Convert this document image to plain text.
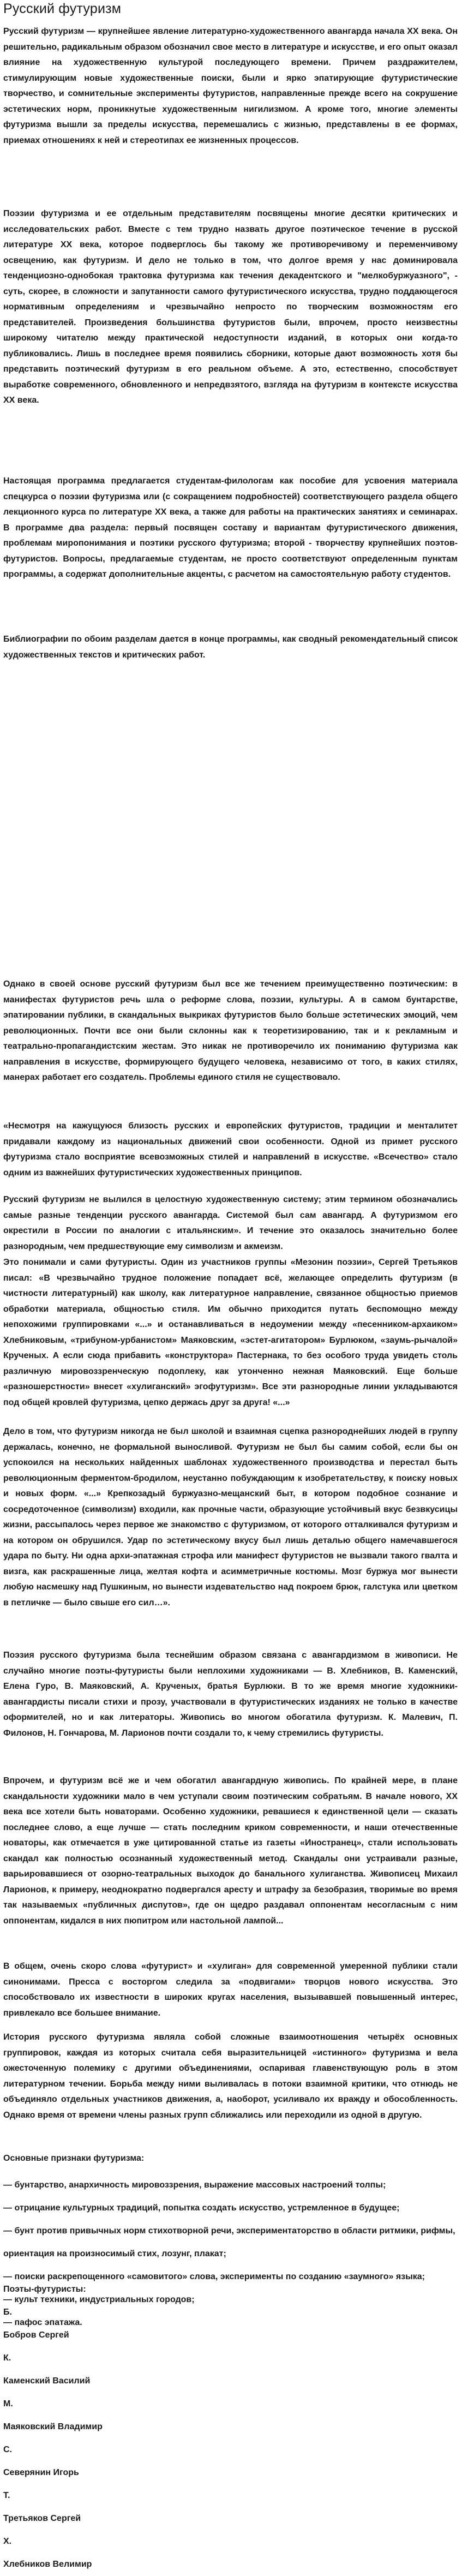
Русский футуризм

Русский футуризм — крупнейшее явление литературно-художественного авангарда начала XX века. Он решительно, радикальным образом обозначил свое место в литературе и искусстве, и его опыт оказал влияние на художественную культурой последующего времени. Причем раздражителем, стимулирующим новые художественные поиски, были и ярко эпатирующие футуристические творчество, и сомнительные эксперименты футуристов, направленные прежде всего на сокрушение эстетических норм, проникнутые художественным нигилизмом. А кроме того, многие элементы футуризма вышли за пределы искусства, перемешались с жизнью, представлены в ее формах, приемах отношениях к ней и стереотипах ее жизненных процессов.

Поэзии футуризма и ее отдельным представителям посвящены многие десятки критических и исследовательских работ. Вместе с тем трудно назвать другое поэтическое течение в русской литературе XX века, которое подверглось бы такому же противоречивому и переменчивому освещению, как футуризм. И дело не только в том, что долгое время у нас доминировала тенденциозно-однобокая трактовка футуризма как течения декадентского и "мелкобуржуазного", - суть, скорее, в сложности и запутанности самого футуристического искусства, трудно поддающегося нормативным определениям и чрезвычайно непросто по творческим возможностям его представителей. Произведения большинства футуристов были, впрочем, просто неизвестны широкому читателю между практической недоступности изданий, в которых они когда-то публиковались. Лишь в последнее время появились сборники, которые дают возможность хотя бы представить поэтический футуризм в его реальном объеме. А это, естественно, способствует выработке современного, обновленного и непредвзятого, взгляда на футуризм в контексте искусства XX века.

Настоящая программа предлагается студентам-филологам как пособие для усвоения материала спецкурса о поэзии футуризма или (с сокращением подробностей) соответствующего раздела общего лекционного курса по литературе XX века, а также для работы на практических занятиях и семинарах. В программе два раздела: первый посвящен составу и вариантам футуристического движения, проблемам миропонимания и поэтики русского футуризма; второй - творчеству крупнейших поэтов-футуристов. Вопросы, предлагаемые студентам, не просто соответствуют определенным пунктам программы, а содержат дополнительные акценты, с расчетом на самостоятельную работу студентов.

Библиографии по обоим разделам дается в конце программы, как сводный рекомендательный список художественных текстов и критических работ.

Однако в своей основе русский футуризм был все же течением преимущественно поэтическим: в манифестах футуристов речь шла о реформе слова, поэзии, культуры. А в самом бунтарстве, эпатировании публики, в скандальных выкриках футуристов было больше эстетических эмоций, чем революционных. Почти все они были склонны как к теоретизированию, так и к рекламным и театрально-пропагандистским жестам. Это никак не противоречило их пониманию футуризма как направления в искусстве, формирующего будущего человека, независимо от того, в каких стилях, манерах работает его создатель. Проблемы единого стиля не существовало.

«Несмотря на кажущуюся близость русских и европейских футуристов, традиции и менталитет придавали каждому из национальных движений свои особенности. Одной из примет русского футуризма стало восприятие всевозможных стилей и направлений в искусстве. «Всечество» стало одним из важнейших футуристических художественных принципов.

Русский футуризм не вылился в целостную художественную систему; этим термином обозначались самые разные тенденции русского авангарда. Системой был сам авангард. А футуризмом его окрестили в России по аналогии с итальянским». И течение это оказалось значительно более разнородным, чем предшествующие ему символизм и акмеизм.

Это понимали и сами футуристы. Один из участников группы «Мезонин поэзии», Сергей Третьяков писал: «В чрезвычайно трудное положение попадает всё, желающее определить футуризм (в чистности литературный) как школу, как литературное направление, связанное общностью приемов обработки материала, общностью стиля. Им обычно приходится путать беспомощно между непохожими группировками «...» и останавливаться в недоумении между «песенником-архаиком» Хлебниковым, «трибуном-урбанистом» Маяковским, «эстет-агитатором» Бурлюком, «заумь-рычалой» Крученых. А если сюда прибавить «конструктора» Пастернака, то без особого труда увидеть столь различную мировоззренческую подоплеку, как утонченно нежная Маяковский. Еще больше «разношерстности» внесет «хулиганский» эгофутуризм». Все эти разнородные линии укладываются под общей кровлей футуризма, цепко держась друг за друга! «...»

Дело в том, что футуризм никогда не был школой и взаимная сцепка разнороднейших людей в группу держалась, конечно, не формальной выносливой. Футуризм не был бы самим собой, если бы он успокоился на нескольких найденных шаблонах художественного производства и перестал быть революционным ферментом-бродилом, неустанно побуждающим к изобретательству, к поиску новых и новых форм. «...» Крепкозадый буржуазно-мещанский быт, в котором подобное сознание и сосредоточенное (символизм) входили, как прочные части, образующие устойчивый вкус безвкусицы жизни, рассыпалось через первое же знакомство с футуризмом, от которого отталкивался футуризм и на котором он обрушился. Удар по эстетическому вкусу был лишь деталью общего намечавшегося удара по быту. Ни одна архи-эпатажная строфа или манифест футуристов не вызвали такого гвалта и визга, как раскрашенные лица, желтая кофта и асимметричные костюмы. Мозг буржуа мог вынести любую насмешку над Пушкиным, но вынести издевательство над покроем брюк, галстука или цветком в петличке — было свыше его сил…».

Поэзия русского футуризма была теснейшим образом связана с авангардизмом в живописи. Не случайно многие поэты-футуристы были неплохими художниками — В. Хлебников, В. Каменский, Елена Гуро, В. Маяковский, А. Крученых, братья Бурлюки. В то же время многие художники-авангардисты писали стихи и прозу, участвовали в футуристических изданиях не только в качестве оформителей, но и как литераторы. Живопись во многом обогатила футуризм. К. Малевич, П. Филонов, Н. Гончарова, М. Ларионов почти создали то, к чему стремились футуристы.

Впрочем, и футуризм всё же и чем обогатил авангардную живопись. По крайней мере, в плане скандальности художники мало в чем уступали своим поэтическим собратьям. В начале нового, XX века все хотели быть новаторами. Особенно художники, ревашиеся к единственной цели — сказать последнее слово, а еще лучше — стать последним криком современности, и наши отечественные новаторы, как отмечается в уже цитированной статье из газеты «Иностранец», стали использовать скандал как полностью осознанный художественный метод. Скандалы они устраивали разные, варьировавшиеся от озорно-театральных выходок до банального хулиганства. Живописец Михаил Ларионов, к примеру, неоднократно подвергался аресту и штрафу за безобразия, творимые во время так называемых «публичных диспутов», где он щедро раздавал оппонентам несогласным с ним оппонентам, кидался в них пюпитром или настольной лампой...

В общем, очень скоро слова «футурист» и «хулиган» для современной умеренной публики стали синонимами. Пресса с восторгом следила за «подвигами» творцов нового искусства. Это способствовало их известности в широких кругах населения, вызывавшей повышенный интерес, привлекало все большее внимание.

История русского футуризма являла собой сложные взаимоотношения четырёх основных группировок, каждая из которых считала себя выразительницей «истинного» футуризма и вела ожесточенную полемику с другими объединениями, оспаривая главенствующую роль в этом литературном течении. Борьба между ними выливалась в потоки взаимной критики, что отнюдь не объединяло отдельных участников движения, а, наоборот, усиливало их вражду и обособленность. Однако время от времени члены разных групп сближались или переходили из одной в другую.

Основные признаки футуризма:

— бунтарство, анархичность мировоззрения, выражение массовых настроений толпы;
— отрицание культурных традиций, попытка создать искусство, устремленное в будущее;
— бунт против привычных норм стихотворной речи, экспериментаторство в области ритмики, рифмы, ориентация на произносимый стих, лозунг, плакат;
— поиски раскрепощенного «самовитого» слова, эксперименты по созданию «заумного» языка;
— культ техники, индустриальных городов;
— пафос эпатажа.
Поэты-футуристы:
Б.
Бобров Сергей
К.
Каменский Василий
М.
Маяковский Владимир
С.
Северянин Игорь
Т.
Третьяков Сергей
Х.
Хлебников Велимир
